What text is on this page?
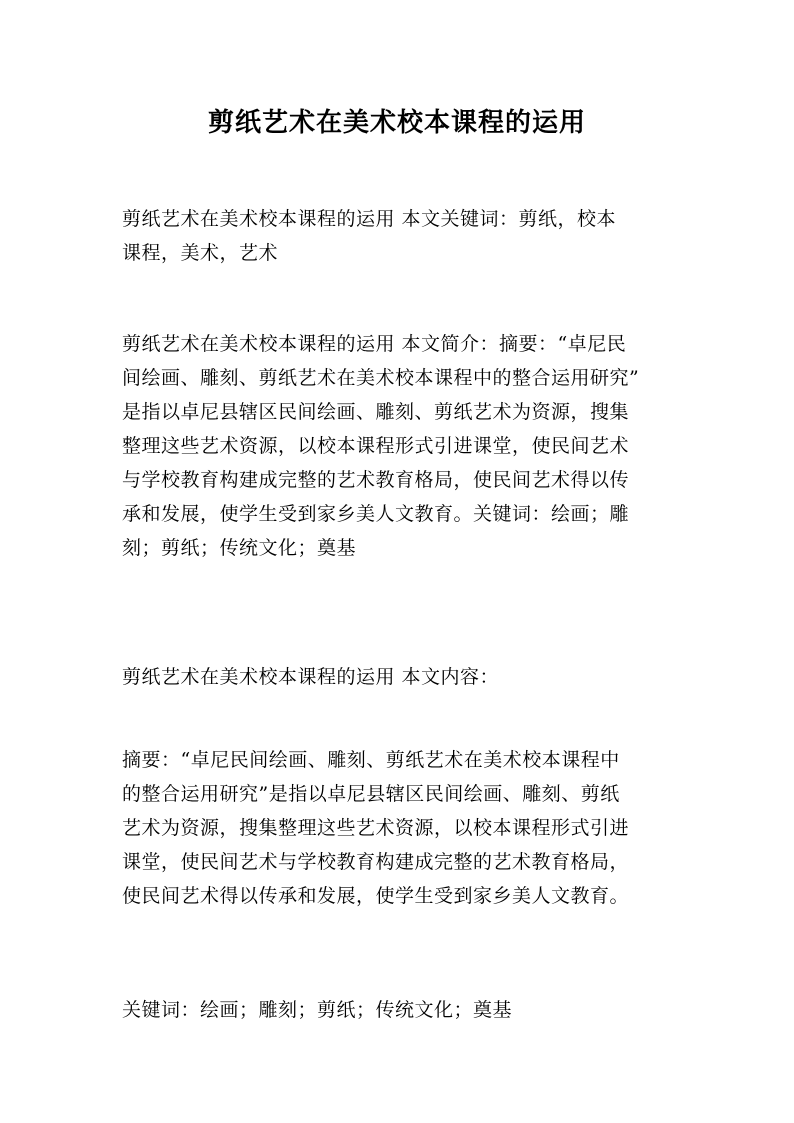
剪纸艺术在美术校本课程的运用
剪纸艺术在美术校本课程的运用 本文关键词：剪纸，校本
课程，美术，艺术
剪纸艺术在美术校本课程的运用 本文简介：摘要：“卓尼民
间绘画、雕刻、剪纸艺术在美术校本课程中的整合运用研究”
是指以卓尼县辖区民间绘画、雕刻、剪纸艺术为资源，搜集
整理这些艺术资源，以校本课程形式引进课堂，使民间艺术
与学校教育构建成完整的艺术教育格局，使民间艺术得以传
承和发展，使学生受到家乡美人文教育。关键词：绘画；雕
刻；剪纸；传统文化；奠基
剪纸艺术在美术校本课程的运用 本文内容：
摘要：“卓尼民间绘画、雕刻、剪纸艺术在美术校本课程中
的整合运用研究”是指以卓尼县辖区民间绘画、雕刻、剪纸
艺术为资源，搜集整理这些艺术资源，以校本课程形式引进
课堂，使民间艺术与学校教育构建成完整的艺术教育格局，
使民间艺术得以传承和发展，使学生受到家乡美人文教育。
关键词：绘画；雕刻；剪纸；传统文化；奠基
